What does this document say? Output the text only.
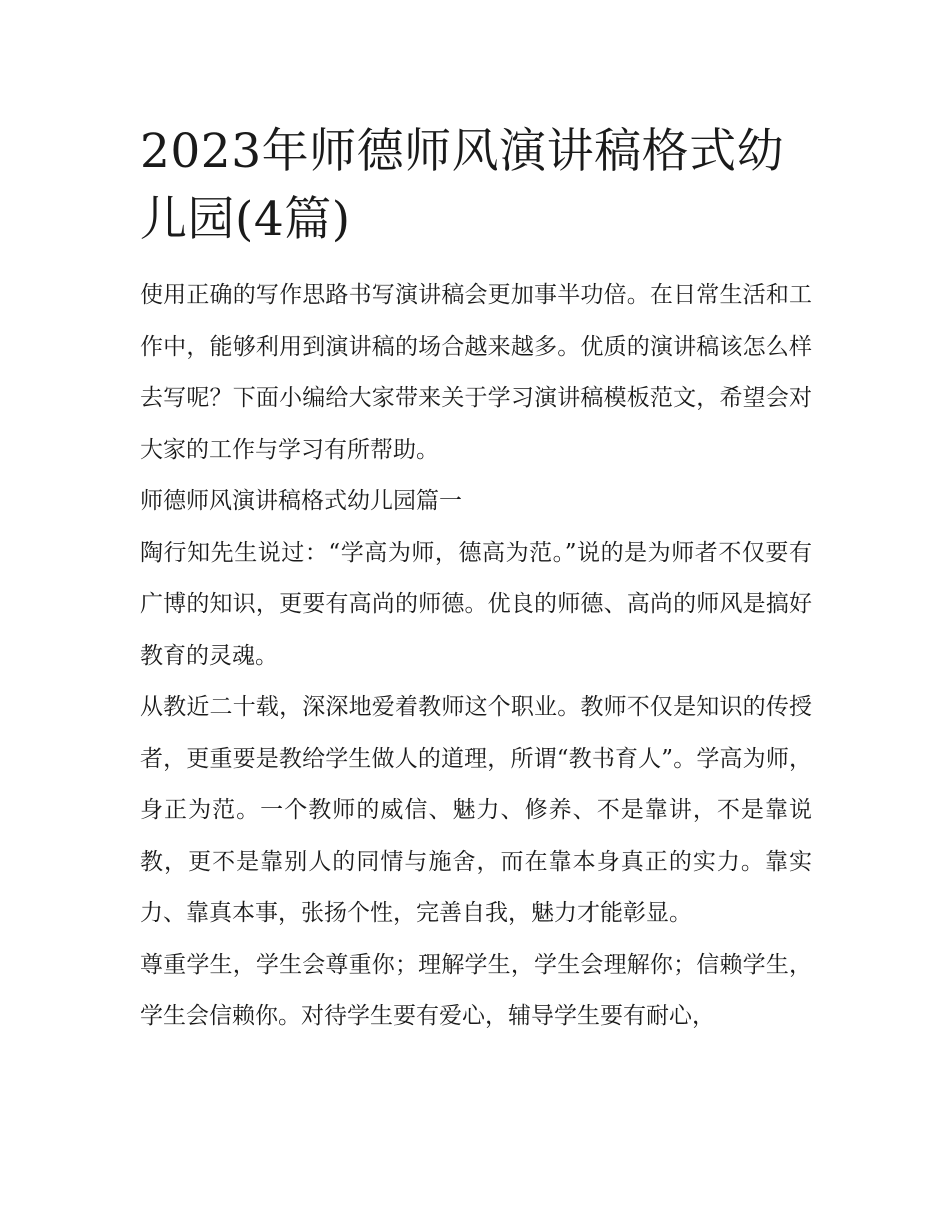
2023年师德师风演讲稿格式幼儿园(4篇)

使用正确的写作思路书写演讲稿会更加事半功倍。在日常生活和工作中，能够利用到演讲稿的场合越来越多。优质的演讲稿该怎么样去写呢？下面小编给大家带来关于学习演讲稿模板范文，希望会对大家的工作与学习有所帮助。

师德师风演讲稿格式幼儿园篇一

陶行知先生说过：“学高为师，德高为范。”说的是为师者不仅要有广博的知识，更要有高尚的师德。优良的师德、高尚的师风是搞好教育的灵魂。

从教近二十载，深深地爱着教师这个职业。教师不仅是知识的传授者，更重要是教给学生做人的道理，所谓“教书育人”。学高为师，身正为范。一个教师的威信、魅力、修养、不是靠讲，不是靠说教，更不是靠别人的同情与施舍，而在靠本身真正的实力。靠实力、靠真本事，张扬个性，完善自我，魅力才能彰显。

尊重学生，学生会尊重你；理解学生，学生会理解你；信赖学生，学生会信赖你。对待学生要有爱心，辅导学生要有耐心，
